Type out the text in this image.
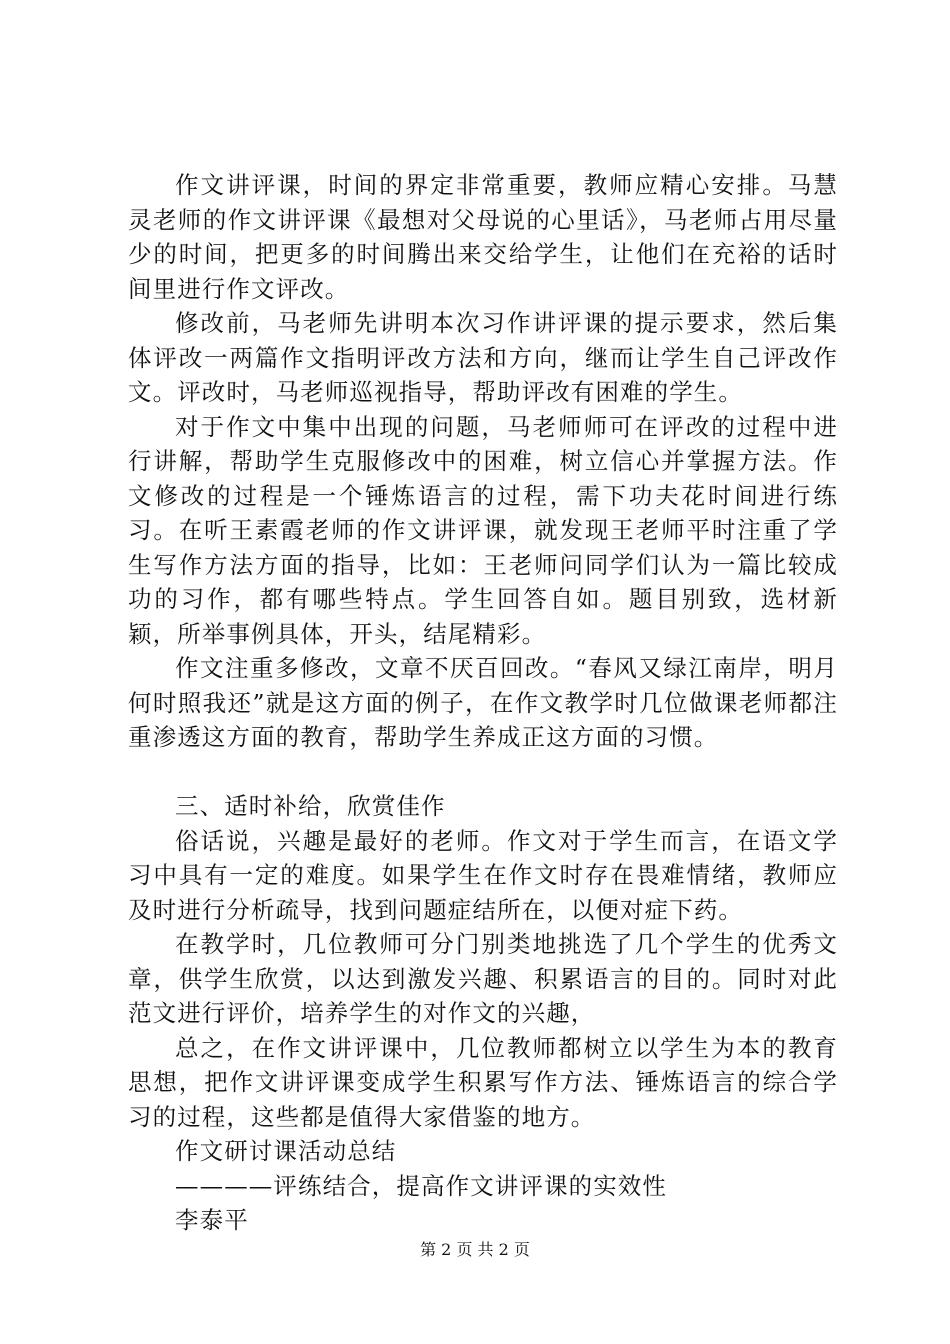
作文讲评课，时间的界定非常重要，教师应精心安排。马慧灵老师的作文讲评课《最想对父母说的心里话》，马老师占用尽量少的时间，把更多的时间腾出来交给学生，让他们在充裕的话时间里进行作文评改。

修改前，马老师先讲明本次习作讲评课的提示要求，然后集体评改一两篇作文指明评改方法和方向，继而让学生自己评改作文。评改时，马老师巡视指导，帮助评改有困难的学生。

对于作文中集中出现的问题，马老师师可在评改的过程中进行讲解，帮助学生克服修改中的困难，树立信心并掌握方法。作文修改的过程是一个锤炼语言的过程，需下功夫花时间进行练习。在听王素霞老师的作文讲评课，就发现王老师平时注重了学生写作方法方面的指导，比如：王老师问同学们认为一篇比较成功的习作，都有哪些特点。学生回答自如。题目别致，选材新颖，所举事例具体，开头，结尾精彩。

作文注重多修改，文章不厌百回改。“春风又绿江南岸，明月何时照我还”就是这方面的例子，在作文教学时几位做课老师都注重渗透这方面的教育，帮助学生养成正这方面的习惯。

三、适时补给，欣赏佳作

俗话说，兴趣是最好的老师。作文对于学生而言，在语文学习中具有一定的难度。如果学生在作文时存在畏难情绪，教师应及时进行分析疏导，找到问题症结所在，以便对症下药。

在教学时，几位教师可分门别类地挑选了几个学生的优秀文章，供学生欣赏，以达到激发兴趣、积累语言的目的。同时对此范文进行评价，培养学生的对作文的兴趣，

总之，在作文讲评课中，几位教师都树立以学生为本的教育思想，把作文讲评课变成学生积累写作方法、锤炼语言的综合学习的过程，这些都是值得大家借鉴的地方。

作文研讨课活动总结

————评练结合，提高作文讲评课的实效性

李泰平

第 2 页 共 2 页
